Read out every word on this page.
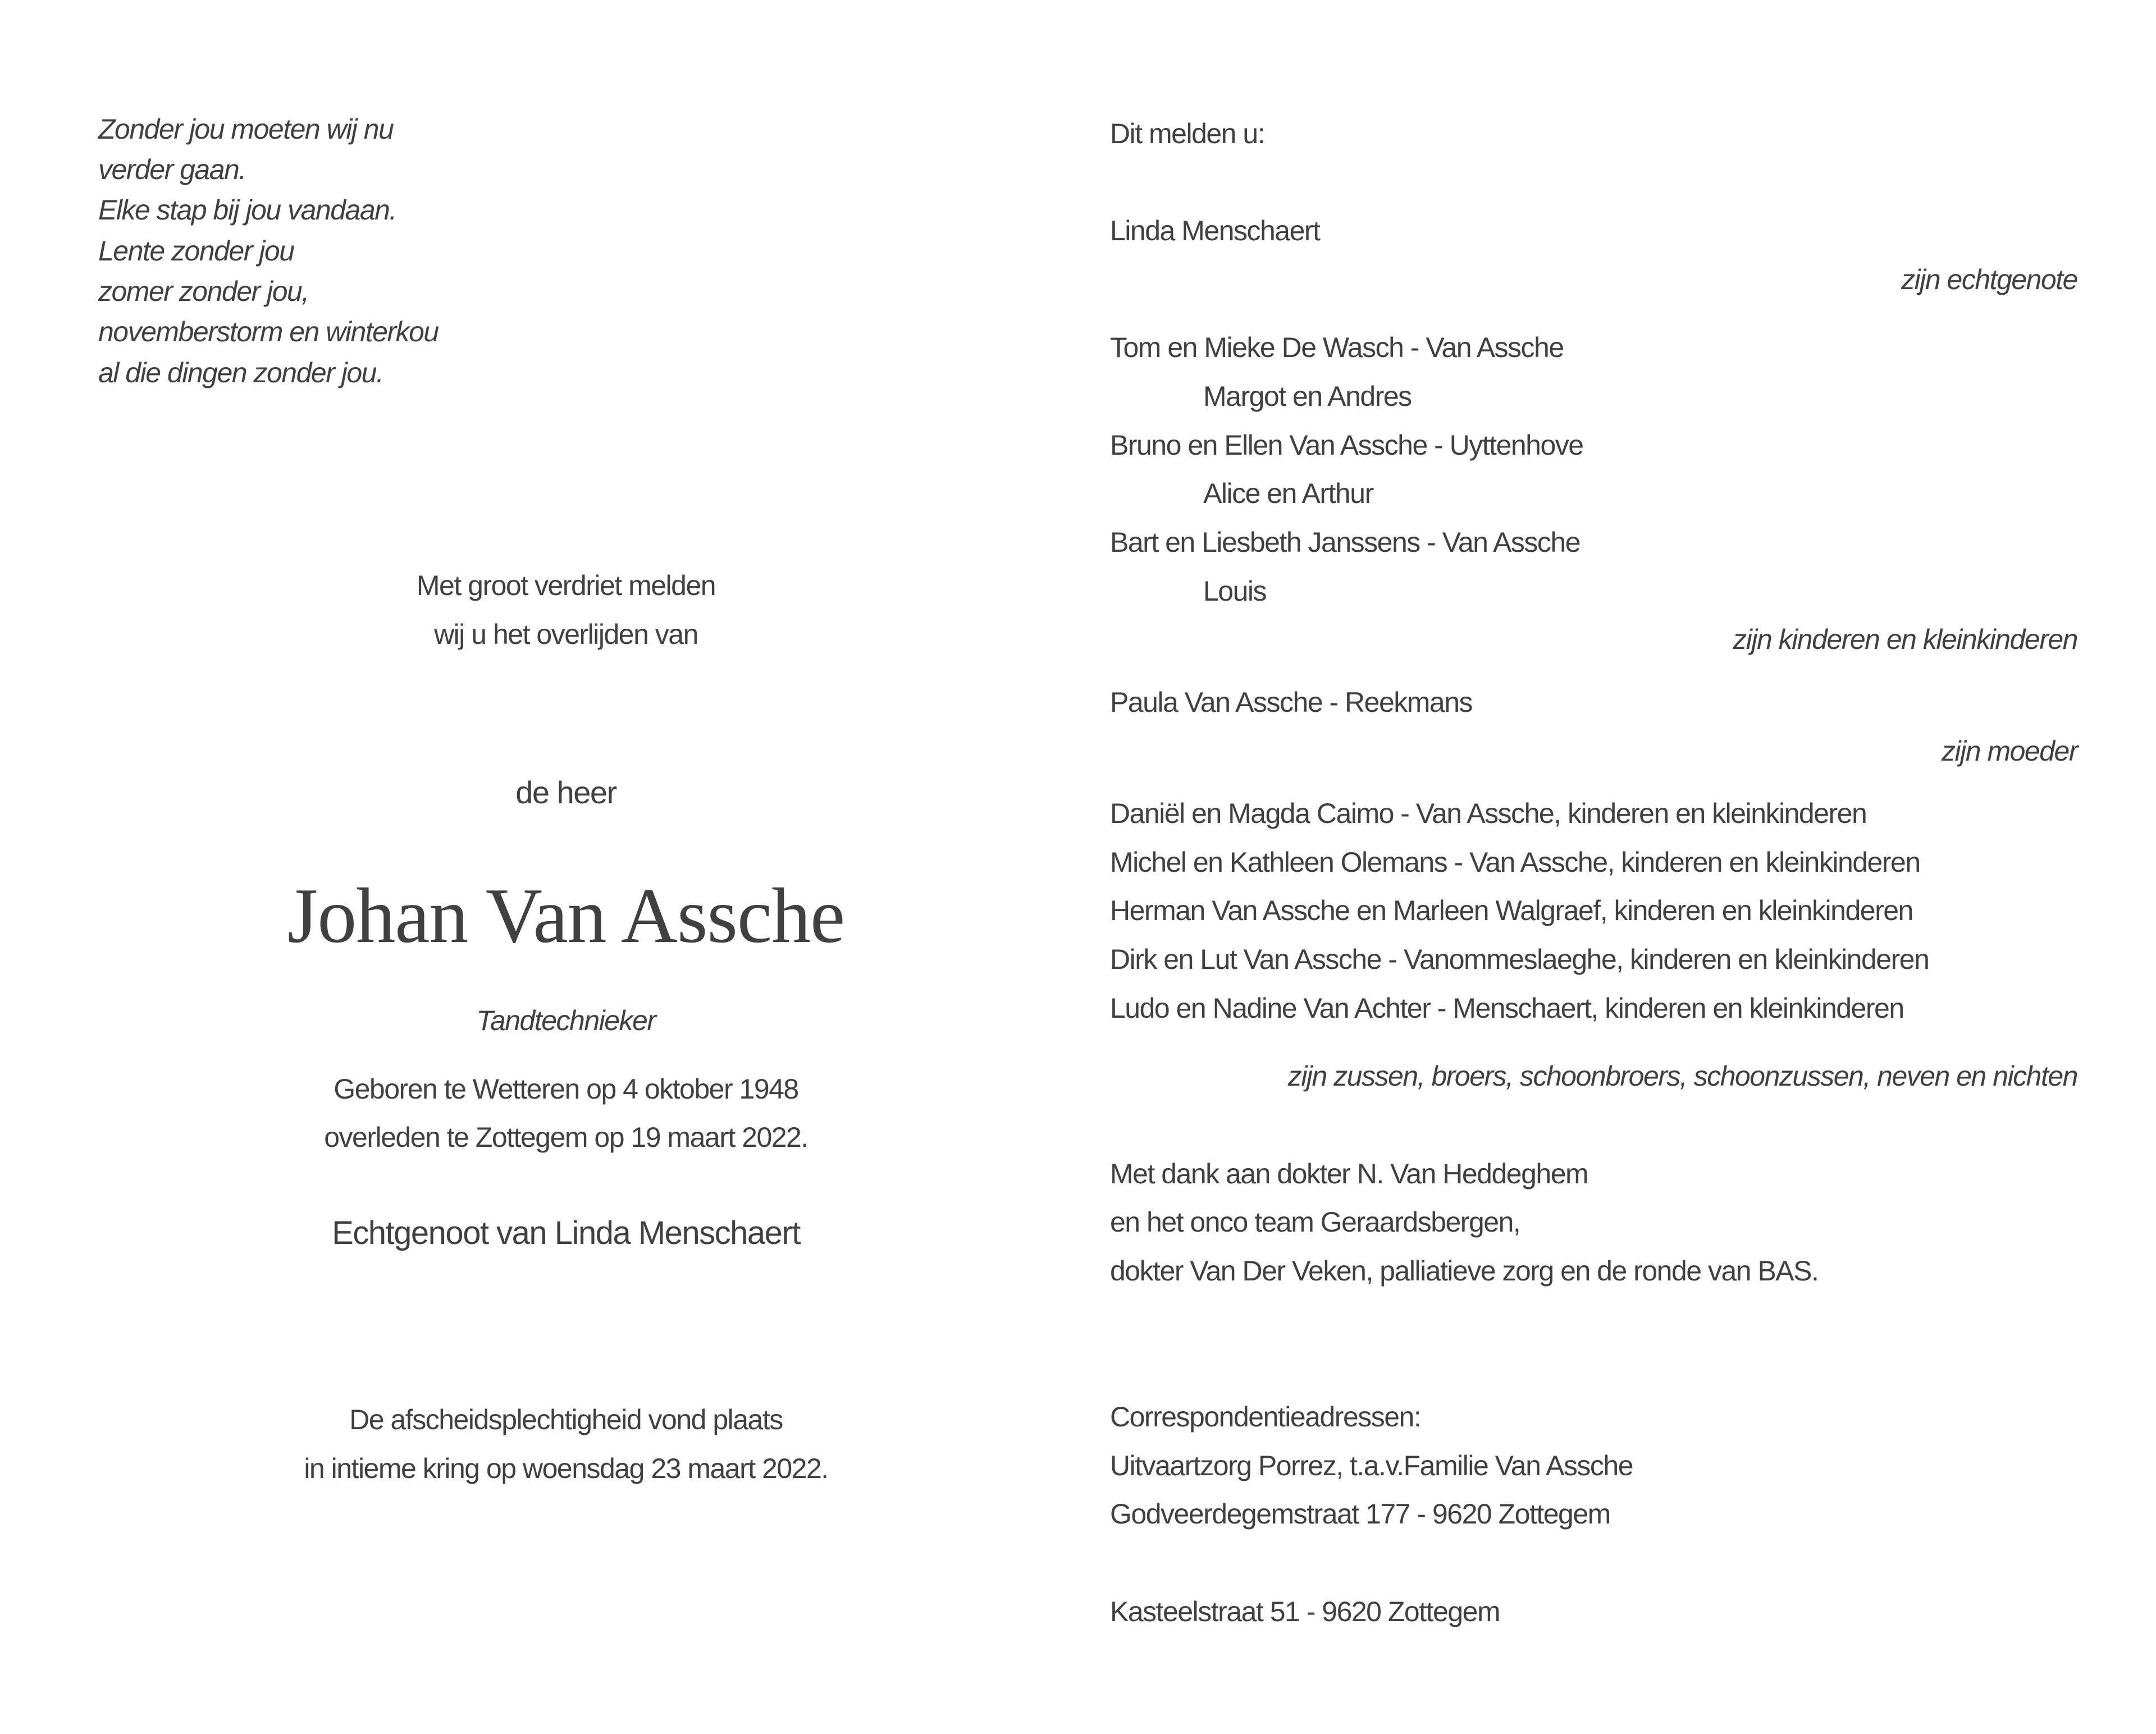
Zonder jou moeten wij nu
verder gaan.
Elke stap bij jou vandaan.
Lente zonder jou
zomer zonder jou,
novemberstorm en winterkou
al die dingen zonder jou.
Met groot verdriet melden
wij u het overlijden van
de heer
Johan Van Assche
Tandtechnieker
Geboren te Wetteren op 4 oktober 1948
overleden te Zottegem op 19 maart 2022.
Echtgenoot van Linda Menschaert
De afscheidsplechtigheid vond plaats
in intieme kring op woensdag 23 maart 2022.
Dit melden u:
Linda Menschaert
zijn echtgenote
Tom en Mieke De Wasch - Van Assche
Margot en Andres
Bruno en Ellen Van Assche - Uyttenhove
Alice en Arthur
Bart en Liesbeth Janssens - Van Assche
Louis
zijn kinderen en kleinkinderen
Paula Van Assche - Reekmans
zijn moeder
Daniël en Magda Caimo - Van Assche, kinderen en kleinkinderen
Michel en Kathleen Olemans - Van Assche, kinderen en kleinkinderen
Herman Van Assche en Marleen Walgraef, kinderen en kleinkinderen
Dirk en Lut Van Assche - Vanommeslaeghe, kinderen en kleinkinderen
Ludo en Nadine Van Achter - Menschaert, kinderen en kleinkinderen
zijn zussen, broers, schoonbroers, schoonzussen, neven en nichten
Met dank aan dokter N. Van Heddeghem
en het onco team Geraardsbergen,
dokter Van Der Veken, palliatieve zorg en de ronde van BAS.
Correspondentieadressen:
Uitvaartzorg Porrez, t.a.v.Familie Van Assche
Godveerdegemstraat 177 - 9620 Zottegem
Kasteelstraat 51 - 9620 Zottegem
